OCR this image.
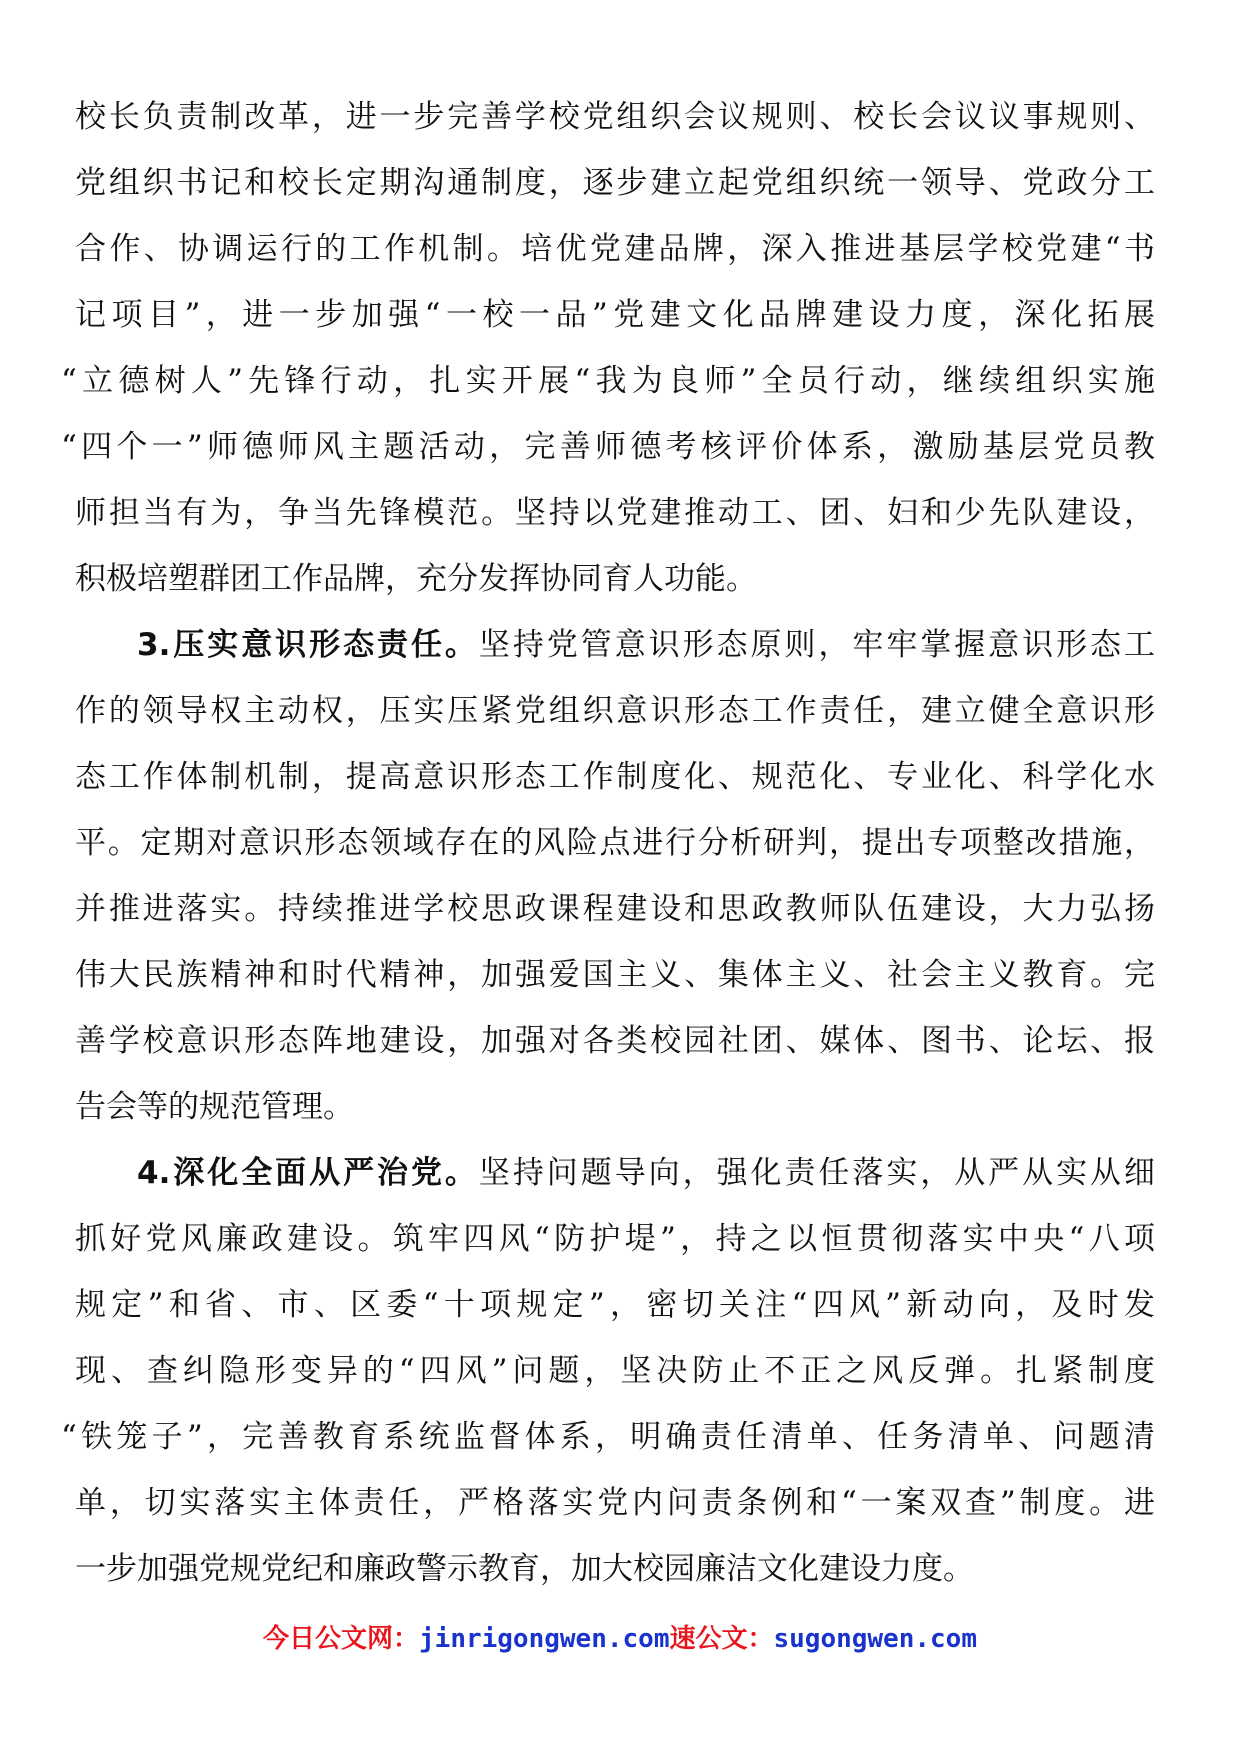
校长负责制改革，进一步完善学校党组织会议规则、校长会议议事规则、
党组织书记和校长定期沟通制度，逐步建立起党组织统一领导、党政分工
合作、协调运行的工作机制。培优党建品牌，深入推进基层学校党建“书
记项目”，进一步加强“一校一品”党建文化品牌建设力度，深化拓展
“立德树人”先锋行动，扎实开展“我为良师”全员行动，继续组织实施
“四个一”师德师风主题活动，完善师德考核评价体系，激励基层党员教
师担当有为，争当先锋模范。坚持以党建推动工、团、妇和少先队建设，
积极培塑群团工作品牌，充分发挥协同育人功能。
3.压实意识形态责任。坚持党管意识形态原则，牢牢掌握意识形态工
作的领导权主动权，压实压紧党组织意识形态工作责任，建立健全意识形
态工作体制机制，提高意识形态工作制度化、规范化、专业化、科学化水
平。定期对意识形态领域存在的风险点进行分析研判，提出专项整改措施，
并推进落实。持续推进学校思政课程建设和思政教师队伍建设，大力弘扬
伟大民族精神和时代精神，加强爱国主义、集体主义、社会主义教育。完
善学校意识形态阵地建设，加强对各类校园社团、媒体、图书、论坛、报
告会等的规范管理。
4.深化全面从严治党。坚持问题导向，强化责任落实，从严从实从细
抓好党风廉政建设。筑牢四风“防护堤”，持之以恒贯彻落实中央“八项
规定”和省、市、区委“十项规定”，密切关注“四风”新动向，及时发
现、查纠隐形变异的“四风”问题，坚决防止不正之风反弹。扎紧制度
“铁笼子”，完善教育系统监督体系，明确责任清单、任务清单、问题清
单，切实落实主体责任，严格落实党内问责条例和“一案双查”制度。进
一步加强党规党纪和廉政警示教育，加大校园廉洁文化建设力度。
今日公文网：jinrigongwen.com速公文：sugongwen.com
